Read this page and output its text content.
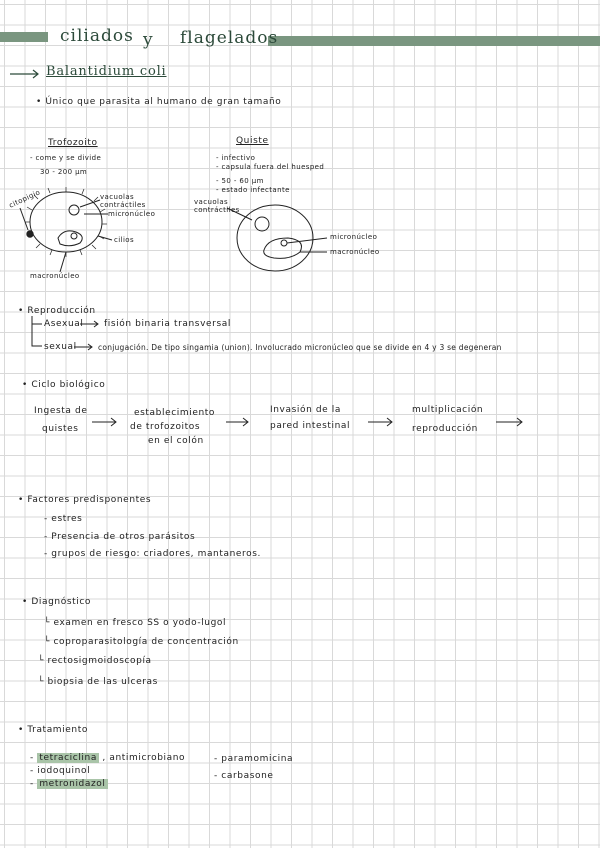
ciliados y flagelados
Balantidium coli
• Único que parasita al humano de gran tamaño
Trofozoito
- come y se divide
30 - 200 µm
citopigio	vacuolas contráctiles
micronúcleo
cilios
macronúcleo
Quiste
- infectivo
- capsula fuera del huesped
- 50 - 60 µm
- estado infectante
vacuolas contráctiles
micronúcleo
macronúcleo
• Reproducción
Asexual fisión binaria transversal
sexual	conjugación. De tipo singamia (union). Involucrado micronúcleo que se divide en 4 y 3 se degeneran
• Ciclo biológico
Ingesta de
quistes
establecimiento
de trofozoitos
en el colón
Invasión de la
pared intestinal
multiplicación
reproducción
• Factores predisponentes
- estres
- Presencia de otros parásitos
- grupos de riesgo: criadores, mantaneros.
• Diagnóstico
└ examen en fresco SS o yodo-lugol
└ coproparasitología de concentración
└ rectosigmoidoscopía
└ biopsia de las ulceras
• Tratamiento
- tetraciclina , antimicrobiano
- iodoquinol
- metronidazol
- paramomicina
- carbasone
